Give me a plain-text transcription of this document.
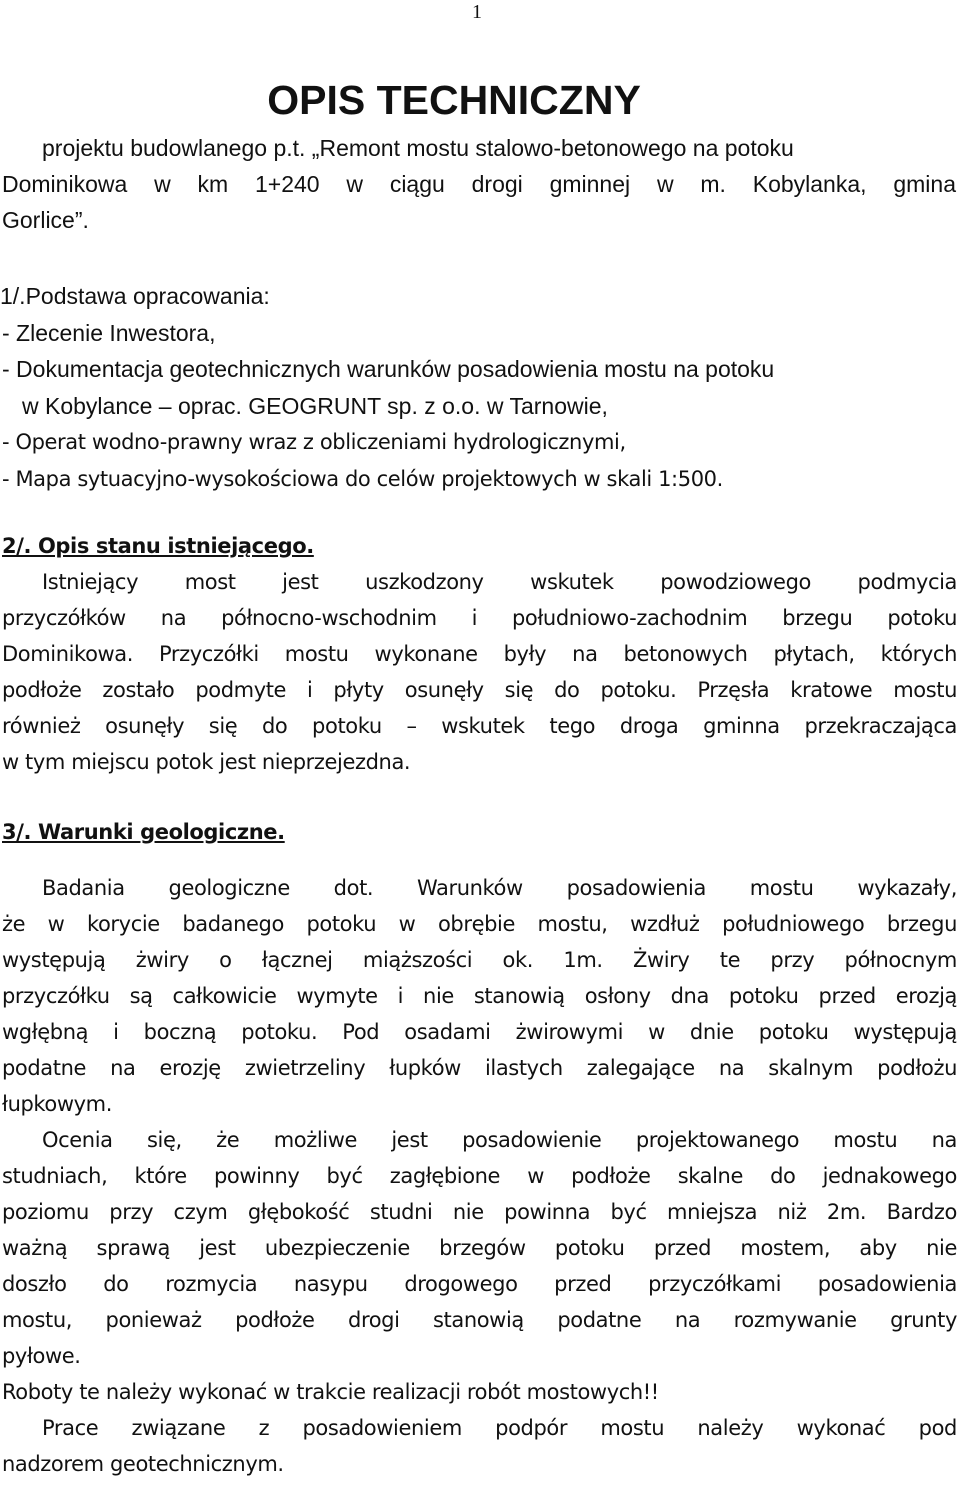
1
OPIS TECHNICZNY
projektu budowlanego p.t. „Remont mostu stalowo-betonowego na potoku
Dominikowa w km 1+240 w ciągu drogi gminnej w m. Kobylanka, gmina
Gorlice”.
1/.Podstawa opracowania:
- Zlecenie Inwestora,
- Dokumentacja geotechnicznych warunków posadowienia mostu na potoku
w Kobylance – oprac. GEOGRUNT sp. z o.o. w Tarnowie,
- Operat wodno-prawny wraz z obliczeniami hydrologicznymi,
- Mapa sytuacyjno-wysokościowa do celów projektowych w skali 1:500.
2/. Opis stanu istniejącego.
Istniejący most jest uszkodzony wskutek powodziowego podmycia
przyczółków na północno-wschodnim i południowo-zachodnim brzegu potoku
Dominikowa. Przyczółki mostu wykonane były na betonowych płytach, których
podłoże zostało podmyte i płyty osunęły się do potoku. Przęsła kratowe mostu
również osunęły się do potoku – wskutek tego droga gminna przekraczająca
w tym miejscu potok jest nieprzejezdna.
3/. Warunki geologiczne.
Badania geologiczne dot. Warunków posadowienia mostu wykazały,
że w korycie badanego potoku w obrębie mostu, wzdłuż południowego brzegu
występują żwiry o łącznej miąższości ok. 1m. Żwiry te przy północnym
przyczółku są całkowicie wymyte i nie stanowią osłony dna potoku przed erozją
wgłębną i boczną potoku. Pod osadami żwirowymi w dnie potoku występują
podatne na erozję zwietrzeliny łupków ilastych zalegające na skalnym podłożu
łupkowym.
Ocenia się, że możliwe jest posadowienie projektowanego mostu na
studniach, które powinny być zagłębione w podłoże skalne do jednakowego
poziomu przy czym głębokość studni nie powinna być mniejsza niż 2m. Bardzo
ważną sprawą jest ubezpieczenie brzegów potoku przed mostem, aby nie
doszło do rozmycia nasypu drogowego przed przyczółkami posadowienia
mostu, ponieważ podłoże drogi stanowią podatne na rozmywanie grunty
pyłowe.
Roboty te należy wykonać w trakcie realizacji robót mostowych!!
Prace związane z posadowieniem podpór mostu należy wykonać pod
nadzorem geotechnicznym.
